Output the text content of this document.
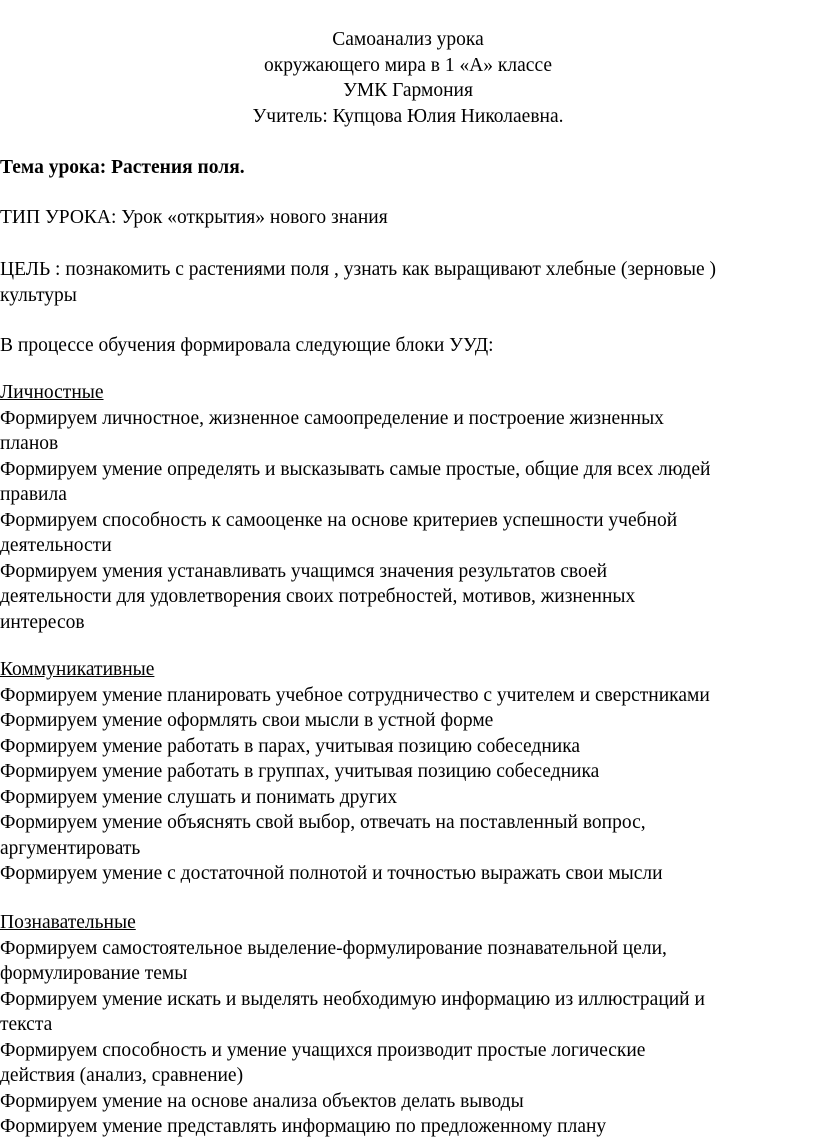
Самоанализ урока
окружающего мира в 1 «А» классе
УМК Гармония
Учитель: Купцова Юлия Николаевна.
Тема урока: Растения поля.
ТИП УРОКА: Урок «открытия» нового знания
ЦЕЛЬ : познакомить с растениями поля , узнать как выращивают хлебные (зерновые )
культуры
В процессе обучения формировала следующие блоки УУД:
Личностные
Формируем личностное, жизненное самоопределение и построение жизненных
планов
Формируем умение определять и высказывать самые простые, общие для всех людей
правила
Формируем способность к самооценке на основе критериев успешности учебной
деятельности
Формируем умения устанавливать учащимся значения результатов своей
деятельности для удовлетворения своих потребностей, мотивов, жизненных
интересов
Коммуникативные
Формируем умение планировать учебное сотрудничество с учителем и сверстниками
Формируем умение оформлять свои мысли в устной форме
Формируем умение работать в парах, учитывая позицию собеседника
Формируем умение работать в группах, учитывая позицию собеседника
Формируем умение слушать и понимать других
Формируем умение объяснять свой выбор, отвечать на поставленный вопрос,
аргументировать
Формируем умение с достаточной полнотой и точностью выражать свои мысли
Познавательные
Формируем самостоятельное выделение-формулирование познавательной цели,
формулирование темы
Формируем умение искать и выделять необходимую информацию из иллюстраций и
текста
Формируем способность и умение учащихся производит простые логические
действия (анализ, сравнение)
Формируем умение на основе анализа объектов делать выводы
Формируем умение представлять информацию по предложенному плану
